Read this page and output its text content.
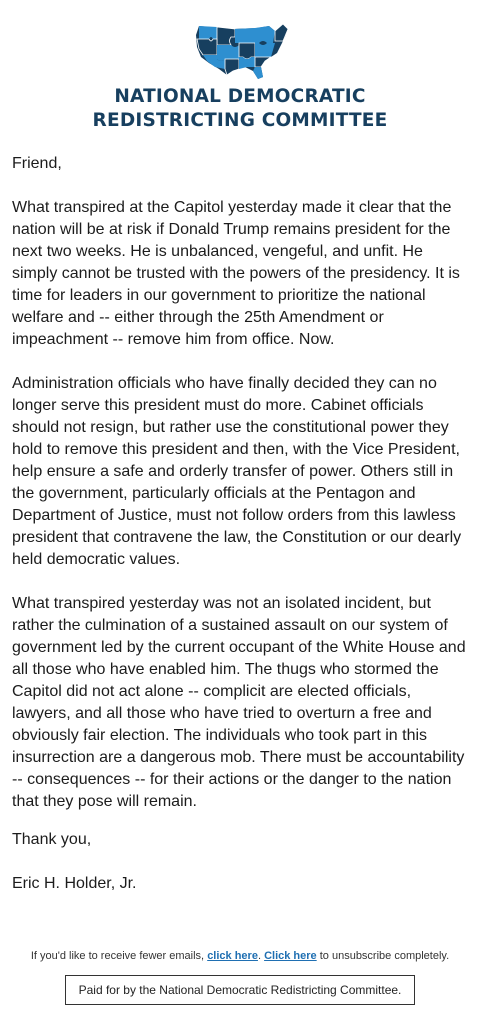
NATIONAL DEMOCRATIC
REDISTRICTING COMMITTEE

Friend,

What transpired at the Capitol yesterday made it clear that the nation will be at risk if Donald Trump remains president for the next two weeks. He is unbalanced, vengeful, and unfit. He simply cannot be trusted with the powers of the presidency. It is time for leaders in our government to prioritize the national welfare and -- either through the 25th Amendment or impeachment -- remove him from office. Now.

Administration officials who have finally decided they can no longer serve this president must do more. Cabinet officials should not resign, but rather use the constitutional power they hold to remove this president and then, with the Vice President, help ensure a safe and orderly transfer of power. Others still in the government, particularly officials at the Pentagon and Department of Justice, must not follow orders from this lawless president that contravene the law, the Constitution or our dearly held democratic values.

What transpired yesterday was not an isolated incident, but rather the culmination of a sustained assault on our system of government led by the current occupant of the White House and all those who have enabled him. The thugs who stormed the Capitol did not act alone -- complicit are elected officials, lawyers, and all those who have tried to overturn a free and obviously fair election. The individuals who took part in this insurrection are a dangerous mob. There must be accountability -- consequences -- for their actions or the danger to the nation that they pose will remain.

Thank you,

Eric H. Holder, Jr.

If you'd like to receive fewer emails, click here. Click here to unsubscribe completely.
Paid for by the National Democratic Redistricting Committee.
